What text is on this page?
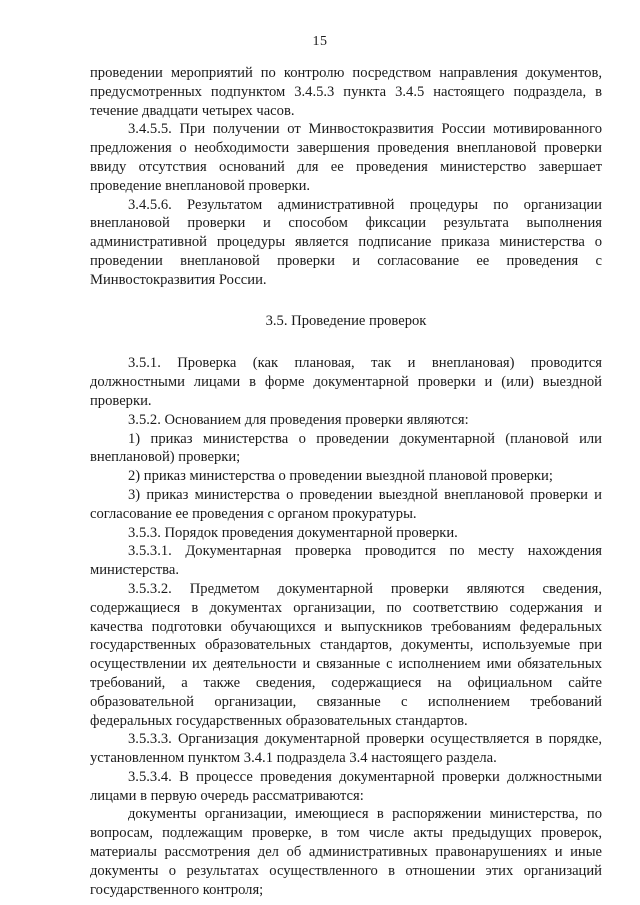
15

проведении мероприятий по контролю посредством направления документов, предусмотренных подпунктом 3.4.5.3 пункта 3.4.5 настоящего подраздела, в течение двадцати четырех часов.

3.4.5.5. При получении от Минвостокразвития России мотивированного предложения о необходимости завершения проведения внеплановой проверки ввиду отсутствия оснований для ее проведения министерство завершает проведение внеплановой проверки.

3.4.5.6. Результатом административной процедуры по организации внеплановой проверки и способом фиксации результата выполнения административной процедуры является подписание приказа министерства о проведении внеплановой проверки и согласование ее проведения с Минвостокразвития России.

3.5. Проведение проверок

3.5.1. Проверка (как плановая, так и внеплановая) проводится должностными лицами в форме документарной проверки и (или) выездной проверки.

3.5.2. Основанием для проведения проверки являются:

1) приказ министерства о проведении документарной (плановой или внеплановой) проверки;

2) приказ министерства о проведении выездной плановой проверки;

3) приказ министерства о проведении выездной внеплановой проверки и согласование ее проведения с органом прокуратуры.

3.5.3. Порядок проведения документарной проверки.

3.5.3.1. Документарная проверка проводится по месту нахождения министерства.

3.5.3.2. Предметом документарной проверки являются сведения, содержащиеся в документах организации, по соответствию содержания и качества подготовки обучающихся и выпускников требованиям федеральных государственных образовательных стандартов, документы, используемые при осуществлении их деятельности и связанные с исполнением ими обязательных требований, а также сведения, содержащиеся на официальном сайте образовательной организации, связанные с исполнением требований федеральных государственных образовательных стандартов.

3.5.3.3. Организация документарной проверки осуществляется в порядке, установленном пунктом 3.4.1 подраздела 3.4 настоящего раздела.

3.5.3.4. В процессе проведения документарной проверки должностными лицами в первую очередь рассматриваются:

документы организации, имеющиеся в распоряжении министерства, по вопросам, подлежащим проверке, в том числе акты предыдущих проверок, материалы рассмотрения дел об административных правонарушениях и иные документы о результатах осуществленного в отношении этих организаций государственного контроля;
